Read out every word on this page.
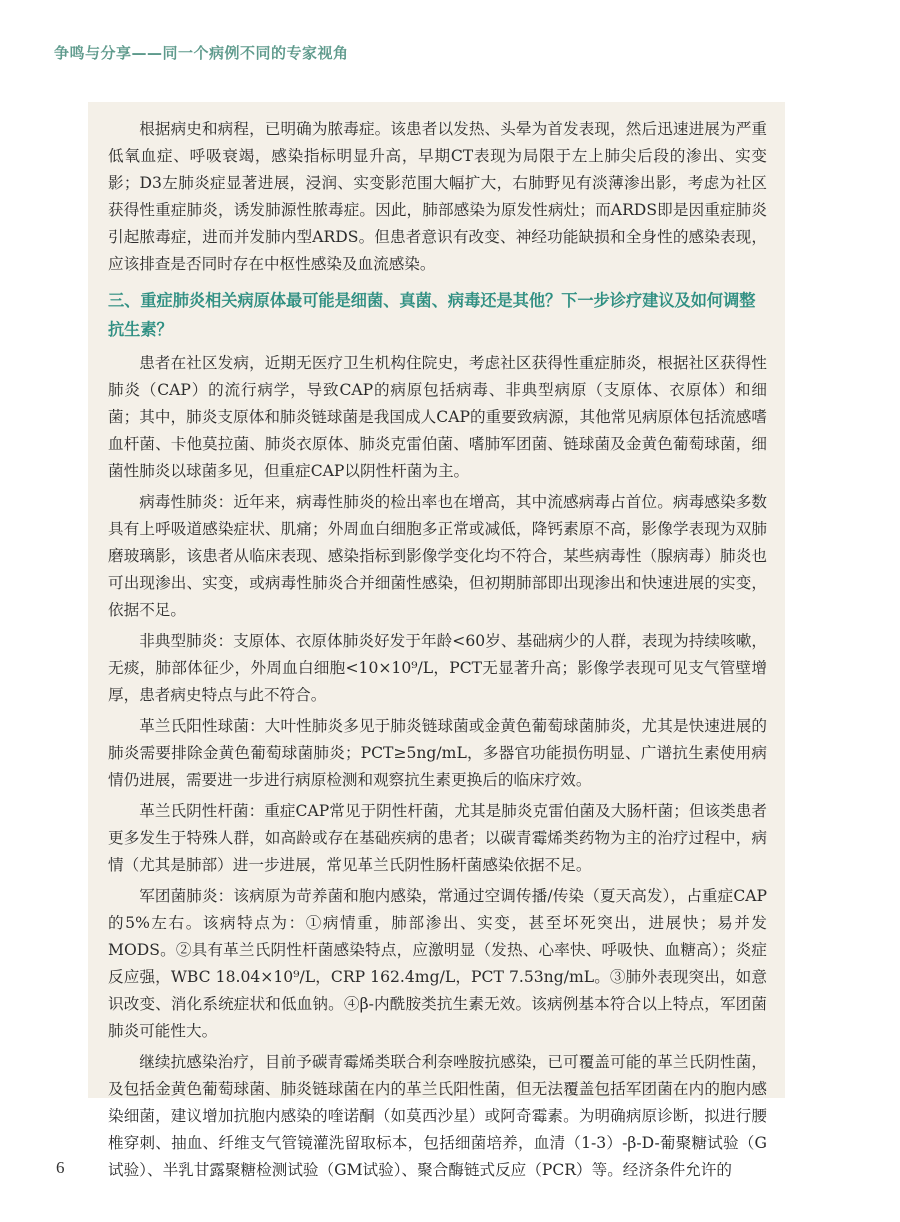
争鸣与分享——同一个病例不同的专家视角

根据病史和病程，已明确为脓毒症。该患者以发热、头晕为首发表现，然后迅速进展为严重低氧血症、呼吸衰竭，感染指标明显升高，早期CT表现为局限于左上肺尖后段的渗出、实变影；D3左肺炎症显著进展，浸润、实变影范围大幅扩大，右肺野见有淡薄渗出影，考虑为社区获得性重症肺炎，诱发肺源性脓毒症。因此，肺部感染为原发性病灶；而ARDS即是因重症肺炎引起脓毒症，进而并发肺内型ARDS。但患者意识有改变、神经功能缺损和全身性的感染表现，应该排查是否同时存在中枢性感染及血流感染。

三、重症肺炎相关病原体最可能是细菌、真菌、病毒还是其他？下一步诊疗建议及如何调整抗生素？

患者在社区发病，近期无医疗卫生机构住院史，考虑社区获得性重症肺炎，根据社区获得性肺炎（CAP）的流行病学，导致CAP的病原包括病毒、非典型病原（支原体、衣原体）和细菌；其中，肺炎支原体和肺炎链球菌是我国成人CAP的重要致病源，其他常见病原体包括流感嗜血杆菌、卡他莫拉菌、肺炎衣原体、肺炎克雷伯菌、嗜肺军团菌、链球菌及金黄色葡萄球菌，细菌性肺炎以球菌多见，但重症CAP以阴性杆菌为主。

病毒性肺炎：近年来，病毒性肺炎的检出率也在增高，其中流感病毒占首位。病毒感染多数具有上呼吸道感染症状、肌痛；外周血白细胞多正常或减低，降钙素原不高，影像学表现为双肺磨玻璃影，该患者从临床表现、感染指标到影像学变化均不符合，某些病毒性（腺病毒）肺炎也可出现渗出、实变，或病毒性肺炎合并细菌性感染，但初期肺部即出现渗出和快速进展的实变，依据不足。

非典型肺炎：支原体、衣原体肺炎好发于年龄<60岁、基础病少的人群，表现为持续咳嗽，无痰，肺部体征少，外周血白细胞<10×10⁹/L，PCT无显著升高；影像学表现可见支气管壁增厚，患者病史特点与此不符合。

革兰氏阳性球菌：大叶性肺炎多见于肺炎链球菌或金黄色葡萄球菌肺炎，尤其是快速进展的肺炎需要排除金黄色葡萄球菌肺炎；PCT≥5ng/mL，多器官功能损伤明显、广谱抗生素使用病情仍进展，需要进一步进行病原检测和观察抗生素更换后的临床疗效。

革兰氏阴性杆菌：重症CAP常见于阴性杆菌，尤其是肺炎克雷伯菌及大肠杆菌；但该类患者更多发生于特殊人群，如高龄或存在基础疾病的患者；以碳青霉烯类药物为主的治疗过程中，病情（尤其是肺部）进一步进展，常见革兰氏阴性肠杆菌感染依据不足。

军团菌肺炎：该病原为苛养菌和胞内感染，常通过空调传播/传染（夏天高发），占重症CAP的5%左右。该病特点为：①病情重，肺部渗出、实变，甚至坏死突出，进展快；易并发MODS。②具有革兰氏阴性杆菌感染特点，应激明显（发热、心率快、呼吸快、血糖高）；炎症反应强，WBC 18.04×10⁹/L，CRP 162.4mg/L，PCT 7.53ng/mL。③肺外表现突出，如意识改变、消化系统症状和低血钠。④β-内酰胺类抗生素无效。该病例基本符合以上特点，军团菌肺炎可能性大。

继续抗感染治疗，目前予碳青霉烯类联合利奈唑胺抗感染，已可覆盖可能的革兰氏阴性菌，及包括金黄色葡萄球菌、肺炎链球菌在内的革兰氏阳性菌，但无法覆盖包括军团菌在内的胞内感染细菌，建议增加抗胞内感染的喹诺酮（如莫西沙星）或阿奇霉素。为明确病原诊断，拟进行腰椎穿刺、抽血、纤维支气管镜灌洗留取标本，包括细菌培养，血清（1-3）-β-D-葡聚糖试验（G试验）、半乳甘露聚糖检测试验（GM试验）、聚合酶链式反应（PCR）等。经济条件允许的

6
